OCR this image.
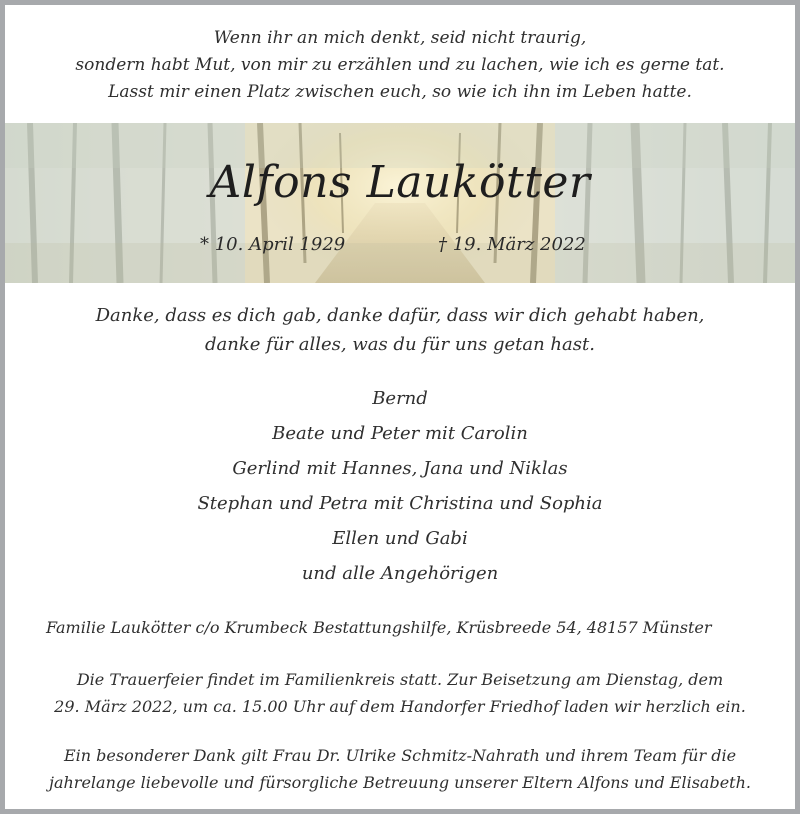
Wenn ihr an mich denkt, seid nicht traurig,
sondern habt Mut, von mir zu erzählen und zu lachen, wie ich es gerne tat.
Lasst mir einen Platz zwischen euch, so wie ich ihn im Leben hatte.
Alfons Laukötter
* 10. April 1929	† 19. März 2022
Danke, dass es dich gab, danke dafür, dass wir dich gehabt haben,
danke für alles, was du für uns getan hast.
Bernd
Beate und Peter mit Carolin
Gerlind mit Hannes, Jana und Niklas
Stephan und Petra mit Christina und Sophia
Ellen und Gabi
und alle Angehörigen
Familie Laukötter c/o Krumbeck Bestattungshilfe, Krüsbreede 54, 48157 Münster
Die Trauerfeier findet im Familienkreis statt. Zur Beisetzung am Dienstag, dem
29. März 2022, um ca. 15.00 Uhr auf dem Handorfer Friedhof laden wir herzlich ein.
Ein besonderer Dank gilt Frau Dr. Ulrike Schmitz-Nahrath und ihrem Team für die
jahrelange liebevolle und fürsorgliche Betreuung unserer Eltern Alfons und Elisabeth.
